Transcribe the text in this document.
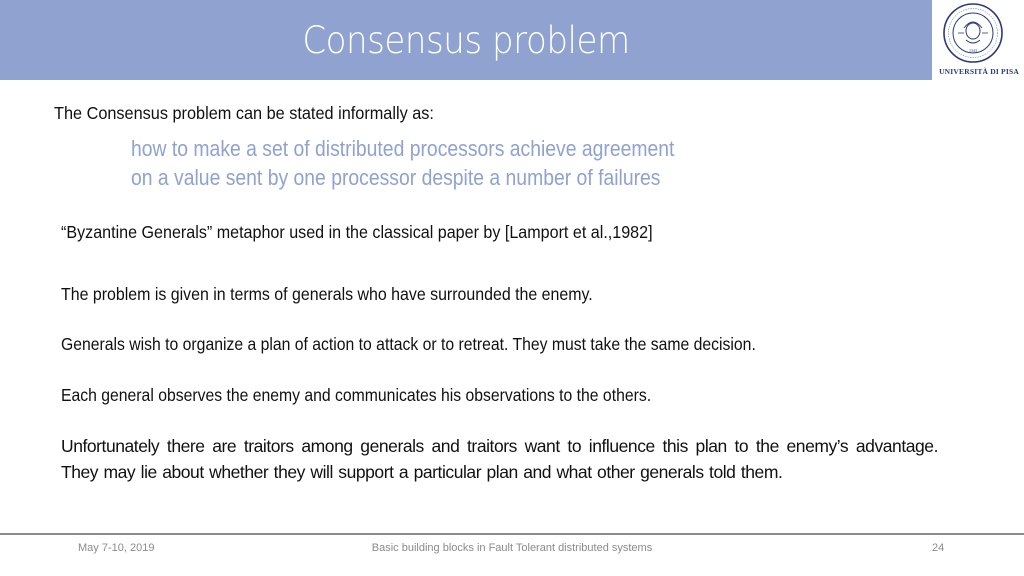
Consensus problem	1343
UNIVERSITÀ DI PISA
The Consensus problem can be stated informally as:
how to make a set of distributed processors achieve agreement
on a value sent by one processor despite a number of failures
“Byzantine Generals” metaphor used in the classical paper by [Lamport et al.,1982]
The problem is given in terms of generals who have surrounded the enemy.
Generals wish to organize a plan of action to attack or to retreat. They must take the same decision.
Each general observes the enemy and communicates his observations to the others.
Unfortunately there are traitors among generals and traitors want to influence this plan to the enemy’s advantage. They may lie about whether they will support a particular plan and what other generals told them.
May 7-10, 2019	Basic building blocks in Fault Tolerant distributed systems	24
